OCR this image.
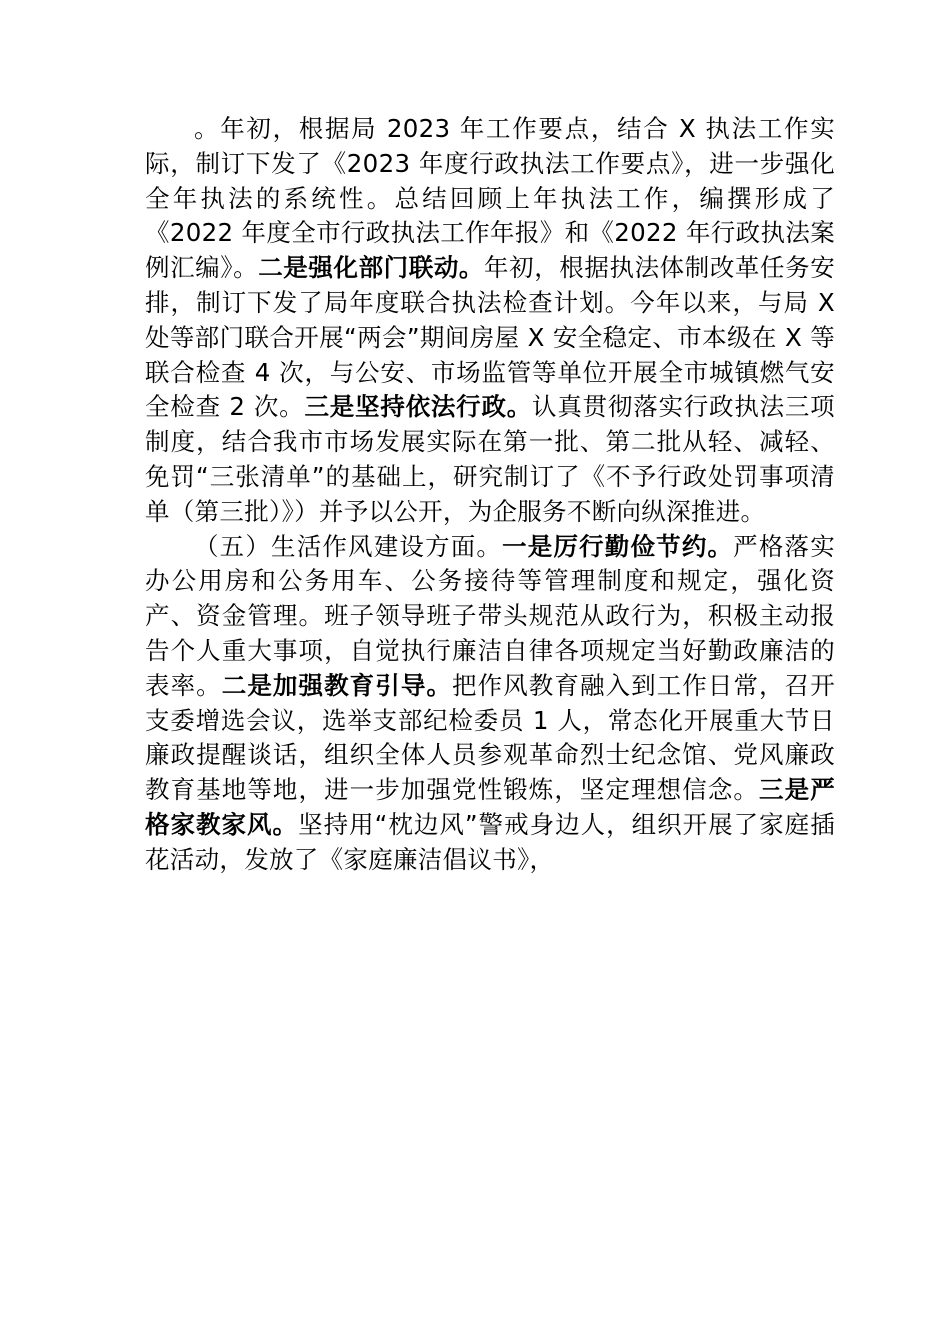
。年初，根据局 2023 年工作要点，结合 X 执法工作实际，制订下发了《2023 年度行政执法工作要点》，进一步强化全年执法的系统性。总结回顾上年执法工作，编撰形成了《2022 年度全市行政执法工作年报》和《2022 年行政执法案例汇编》。二是强化部门联动。年初，根据执法体制改革任务安排，制订下发了局年度联合执法检查计划。今年以来，与局 X 处等部门联合开展“两会”期间房屋 X 安全稳定、市本级在 X 等联合检查 4 次，与公安、市场监管等单位开展全市城镇燃气安全检查 2 次。三是坚持依法行政。认真贯彻落实行政执法三项制度，结合我市市场发展实际在第一批、第二批从轻、减轻、免罚“三张清单”的基础上，研究制订了《不予行政处罚事项清单（第三批）》）并予以公开，为企服务不断向纵深推进。

（五）生活作风建设方面。一是厉行勤俭节约。严格落实办公用房和公务用车、公务接待等管理制度和规定，强化资产、资金管理。班子领导班子带头规范从政行为，积极主动报告个人重大事项，自觉执行廉洁自律各项规定当好勤政廉洁的表率。二是加强教育引导。把作风教育融入到工作日常，召开支委增选会议，选举支部纪检委员 1 人，常态化开展重大节日廉政提醒谈话，组织全体人员参观革命烈士纪念馆、党风廉政教育基地等地，进一步加强党性锻炼，坚定理想信念。三是严格家教家风。坚持用“枕边风”警戒身边人，组织开展了家庭插花活动，发放了《家庭廉洁倡议书》，
